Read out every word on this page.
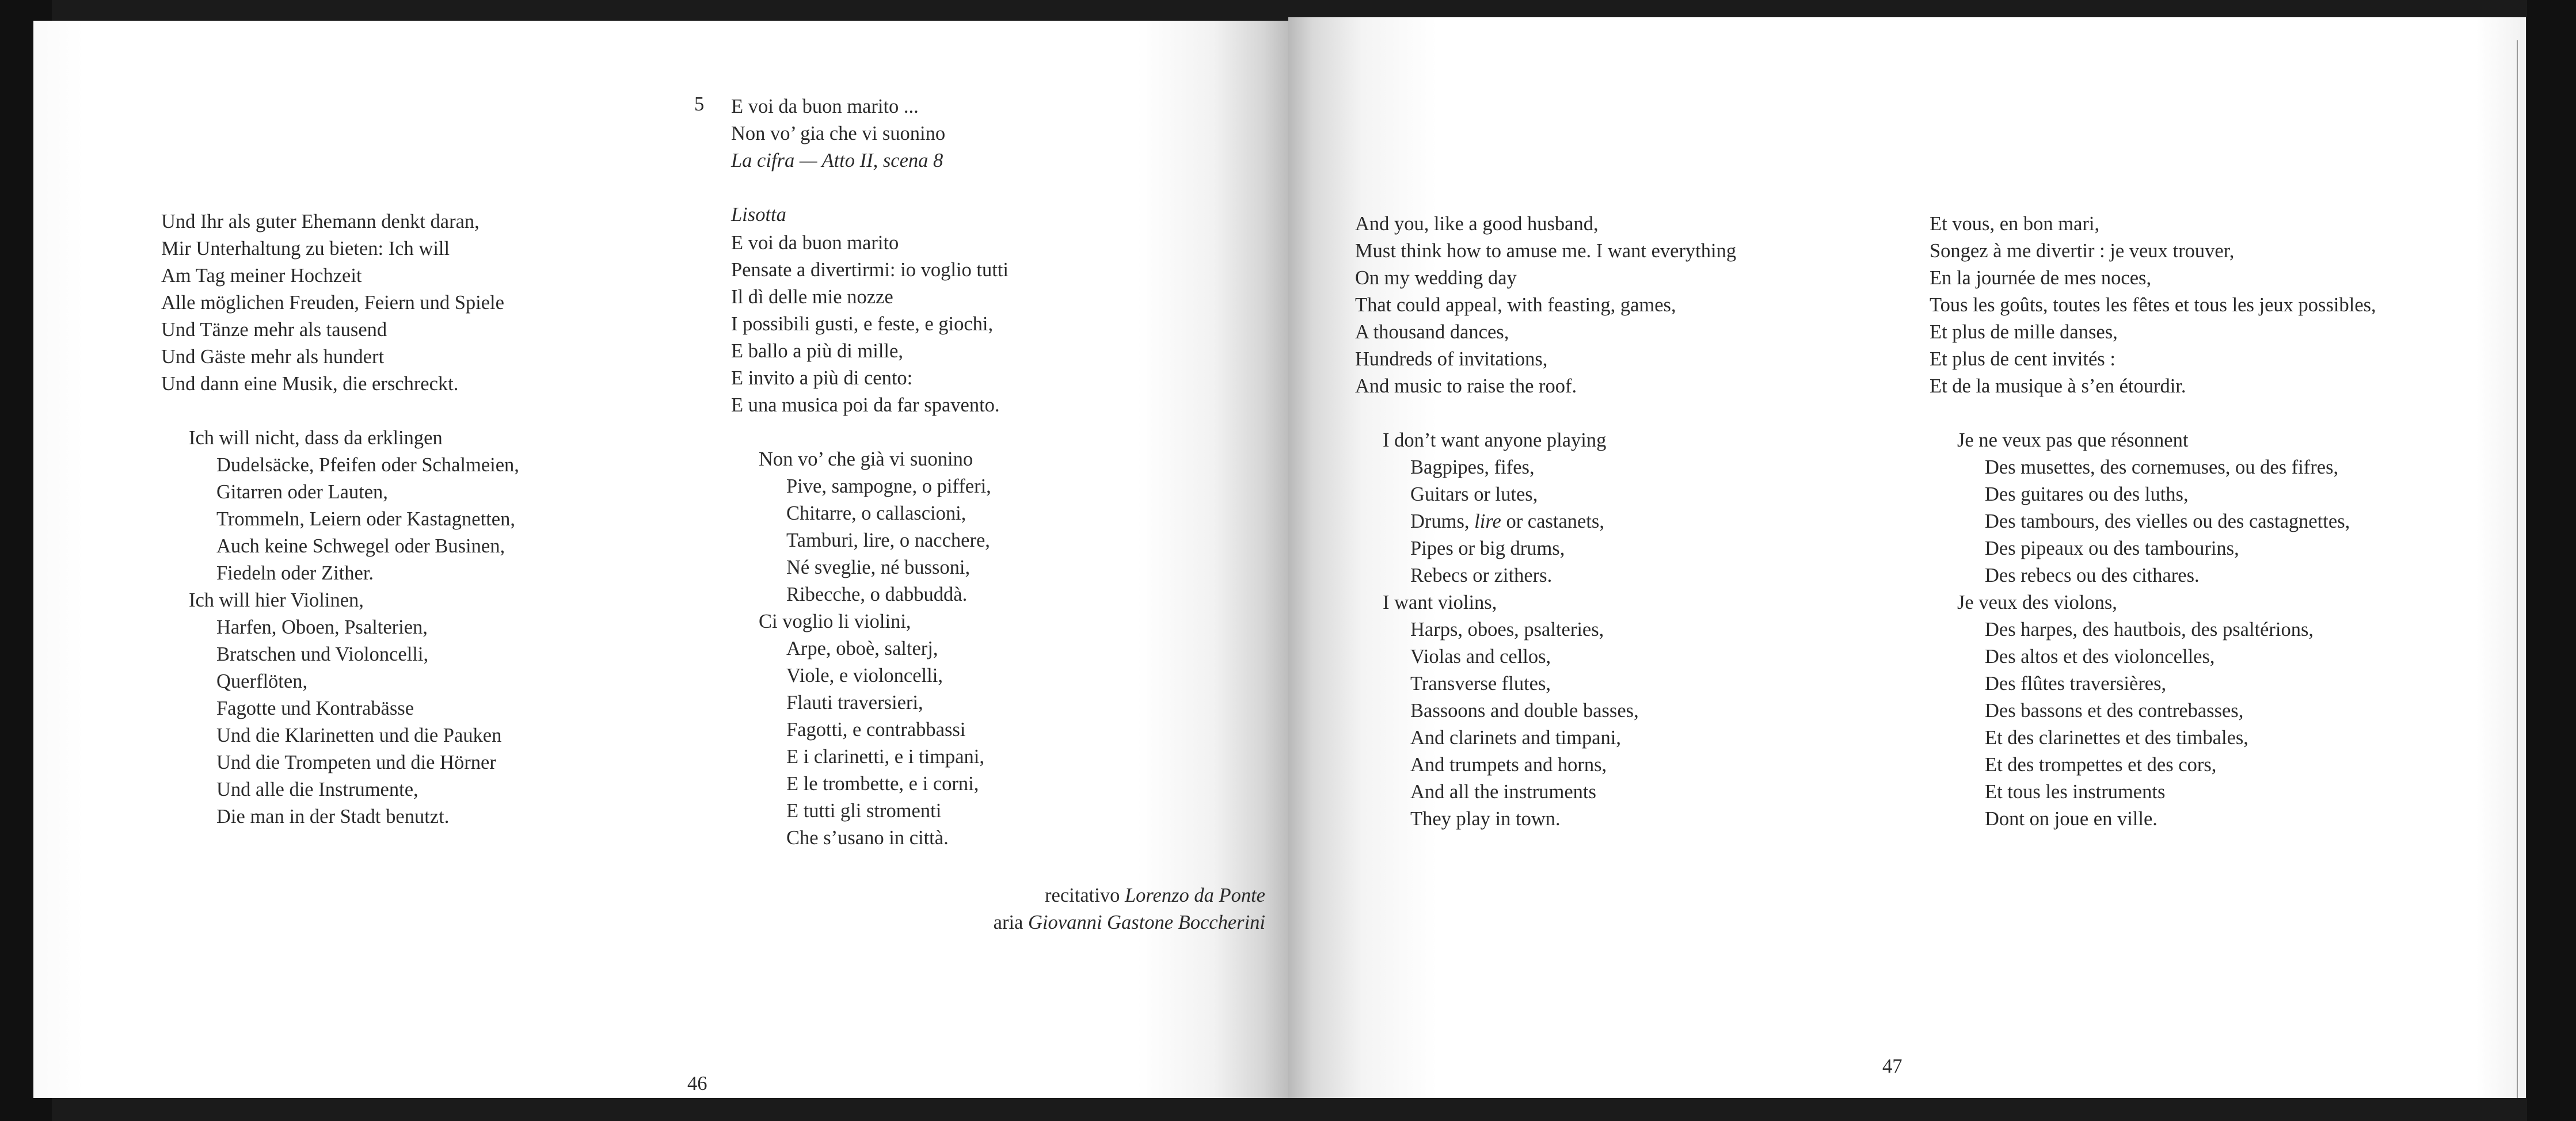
Und Ihr als guter Ehemann denkt daran,
Mir Unterhaltung zu bieten: Ich will
Am Tag meiner Hochzeit
Alle möglichen Freuden, Feiern und Spiele
Und Tänze mehr als tausend
Und Gäste mehr als hundert
Und dann eine Musik, die erschreckt.
Ich will nicht, dass da erklingen
Dudelsäcke, Pfeifen oder Schalmeien,
Gitarren oder Lauten,
Trommeln, Leiern oder Kastagnetten,
Auch keine Schwegel oder Businen,
Fiedeln oder Zither.
Ich will hier Violinen,
Harfen, Oboen, Psalterien,
Bratschen und Violoncelli,
Querflöten,
Fagotte und Kontrabässe
Und die Klarinetten und die Pauken
Und die Trompeten und die Hörner
Und alle die Instrumente,
Die man in der Stadt benutzt.
5 E voi da buon marito ...
Non vo’ gia che vi suonino
La cifra — Atto II, scena 8
Lisotta
E voi da buon marito
Pensate a divertirmi: io voglio tutti
Il dì delle mie nozze
I possibili gusti, e feste, e giochi,
E ballo a più di mille,
E invito a più di cento:
E una musica poi da far spavento.
Non vo’ che già vi suonino
Pive, sampogne, o pifferi,
Chitarre, o callascioni,
Tamburi, lire, o nacchere,
Né sveglie, né bussoni,
Ribecche, o dabbuddà.
Ci voglio li violini,
Arpe, oboè, salterj,
Viole, e violoncelli,
Flauti traversieri,
Fagotti, e contrabbassi
E i clarinetti, e i timpani,
E le trombette, e i corni,
E tutti gli stromenti
Che s’usano in città.
recitativo Lorenzo da Ponte
aria Giovanni Gastone Boccherini
46
And you, like a good husband,
Must think how to amuse me. I want everything
On my wedding day
That could appeal, with feasting, games,
A thousand dances,
Hundreds of invitations,
And music to raise the roof.
I don’t want anyone playing
Bagpipes, fifes,
Guitars or lutes,
Drums, lire or castanets,
Pipes or big drums,
Rebecs or zithers.
I want violins,
Harps, oboes, psalteries,
Violas and cellos,
Transverse flutes,
Bassoons and double basses,
And clarinets and timpani,
And trumpets and horns,
And all the instruments
They play in town.
Et vous, en bon mari,
Songez à me divertir : je veux trouver,
En la journée de mes noces,
Tous les goûts, toutes les fêtes et tous les jeux possibles,
Et plus de mille danses,
Et plus de cent invités :
Et de la musique à s’en étourdir.
Je ne veux pas que résonnent
Des musettes, des cornemuses, ou des fifres,
Des guitares ou des luths,
Des tambours, des vielles ou des castagnettes,
Des pipeaux ou des tambourins,
Des rebecs ou des cithares.
Je veux des violons,
Des harpes, des hautbois, des psaltérions,
Des altos et des violoncelles,
Des flûtes traversières,
Des bassons et des contrebasses,
Et des clarinettes et des timbales,
Et des trompettes et des cors,
Et tous les instruments
Dont on joue en ville.
47
